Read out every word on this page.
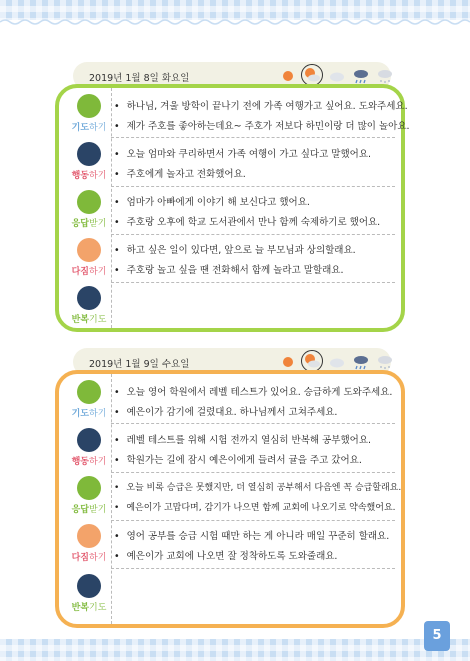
2019년 1월 8일 화요일
기도하기
• 하나님, 겨울 방학이 끝나기 전에 가족 여행가고 싶어요. 도와주세요.
• 제가 주호를 좋아하는데요~ 주호가 저보다 하민이랑 더 많이 놀아요.
행동하기
• 오늘 엄마와 쿠리하면서 가족 여행이 가고 싶다고 말했어요.
• 주호에게 놀자고 전화했어요.
응답받기
• 엄마가 아빠에게 이야기 해 보신다고 했어요.
• 주호랑 오후에 학교 도서관에서 만나 함께 숙제하기로 했어요.
다짐하기
• 하고 싶은 일이 있다면, 앞으로 늘 부모님과 상의할래요.
• 주호랑 놀고 싶을 땐 전화해서 함께 놀라고 말할래요.
반복기도
2019년 1월 9일 수요일
기도하기
• 오늘 영어 학원에서 레벨 테스트가 있어요. 승급하게 도와주세요.
• 예은이가 감기에 걸렸대요. 하나님께서 고쳐주세요.
행동하기
• 레벨 테스트를 위해 시험 전까지 열심히 반복해 공부했어요.
• 학원가는 길에 잠시 예은이에게 들려서 귤을 주고 갔어요.
응답받기
• 오늘 비록 승급은 못했지만, 더 열심히 공부해서 다음엔 꼭 승급할래요.
• 예은이가 고맙다며, 감기가 나으면 함께 교회에 나오기로 약속했어요.
다짐하기
• 영어 공부를 승급 시험 때만 하는 게 아니라 매일 꾸준히 할래요.
• 예은이가 교회에 나오면 잘 정착하도록 도와줄래요.
반복기도
5
